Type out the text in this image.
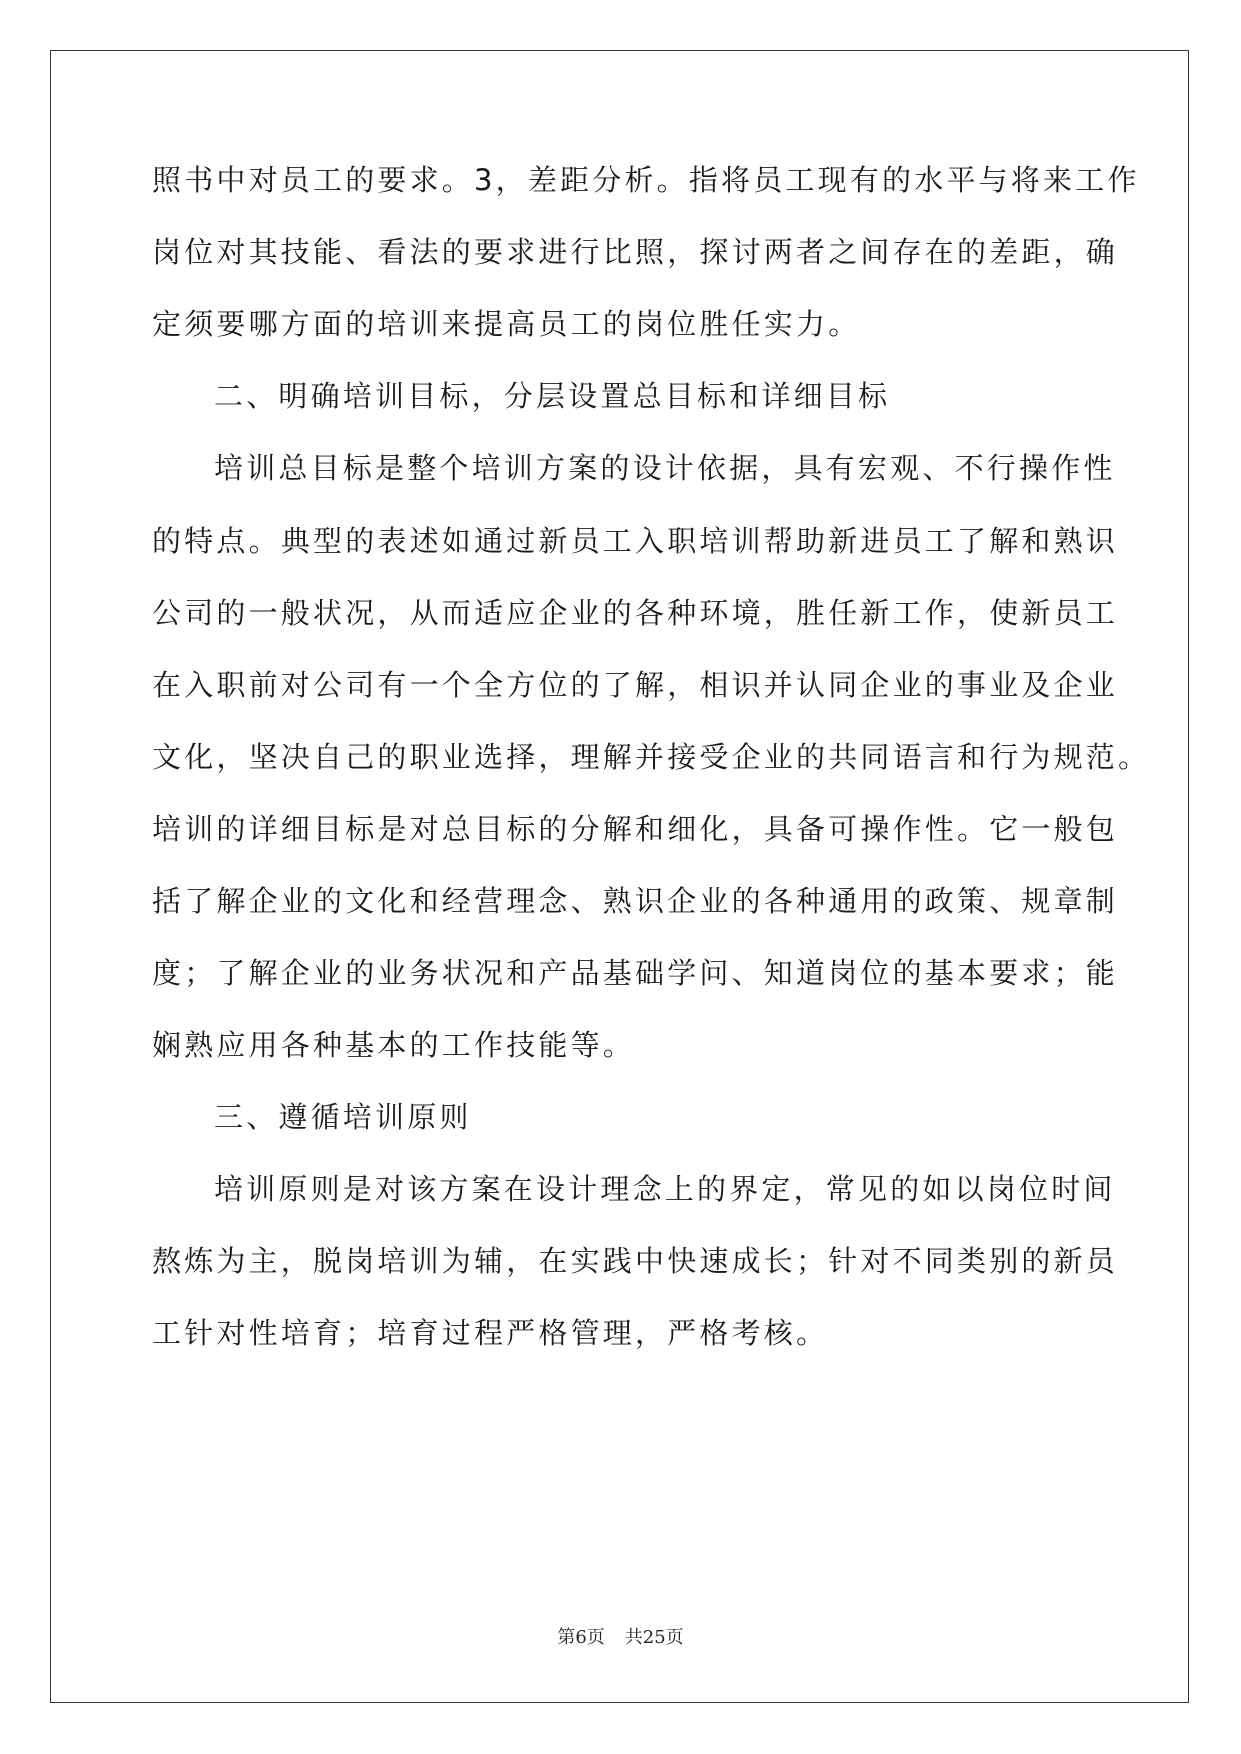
照书中对员工的要求。3，差距分析。指将员工现有的水平与将来工作
岗位对其技能、看法的要求进行比照，探讨两者之间存在的差距，确
定须要哪方面的培训来提高员工的岗位胜任实力。
二、明确培训目标，分层设置总目标和详细目标
培训总目标是整个培训方案的设计依据，具有宏观、不行操作性
的特点。典型的表述如通过新员工入职培训帮助新进员工了解和熟识
公司的一般状况，从而适应企业的各种环境，胜任新工作，使新员工
在入职前对公司有一个全方位的了解，相识并认同企业的事业及企业
文化，坚决自己的职业选择，理解并接受企业的共同语言和行为规范。
培训的详细目标是对总目标的分解和细化，具备可操作性。它一般包
括了解企业的文化和经营理念、熟识企业的各种通用的政策、规章制
度；了解企业的业务状况和产品基础学问、知道岗位的基本要求；能
娴熟应用各种基本的工作技能等。
三、遵循培训原则
培训原则是对该方案在设计理念上的界定，常见的如以岗位时间
熬炼为主，脱岗培训为辅，在实践中快速成长；针对不同类别的新员
工针对性培育；培育过程严格管理，严格考核。
第6页 共25页
